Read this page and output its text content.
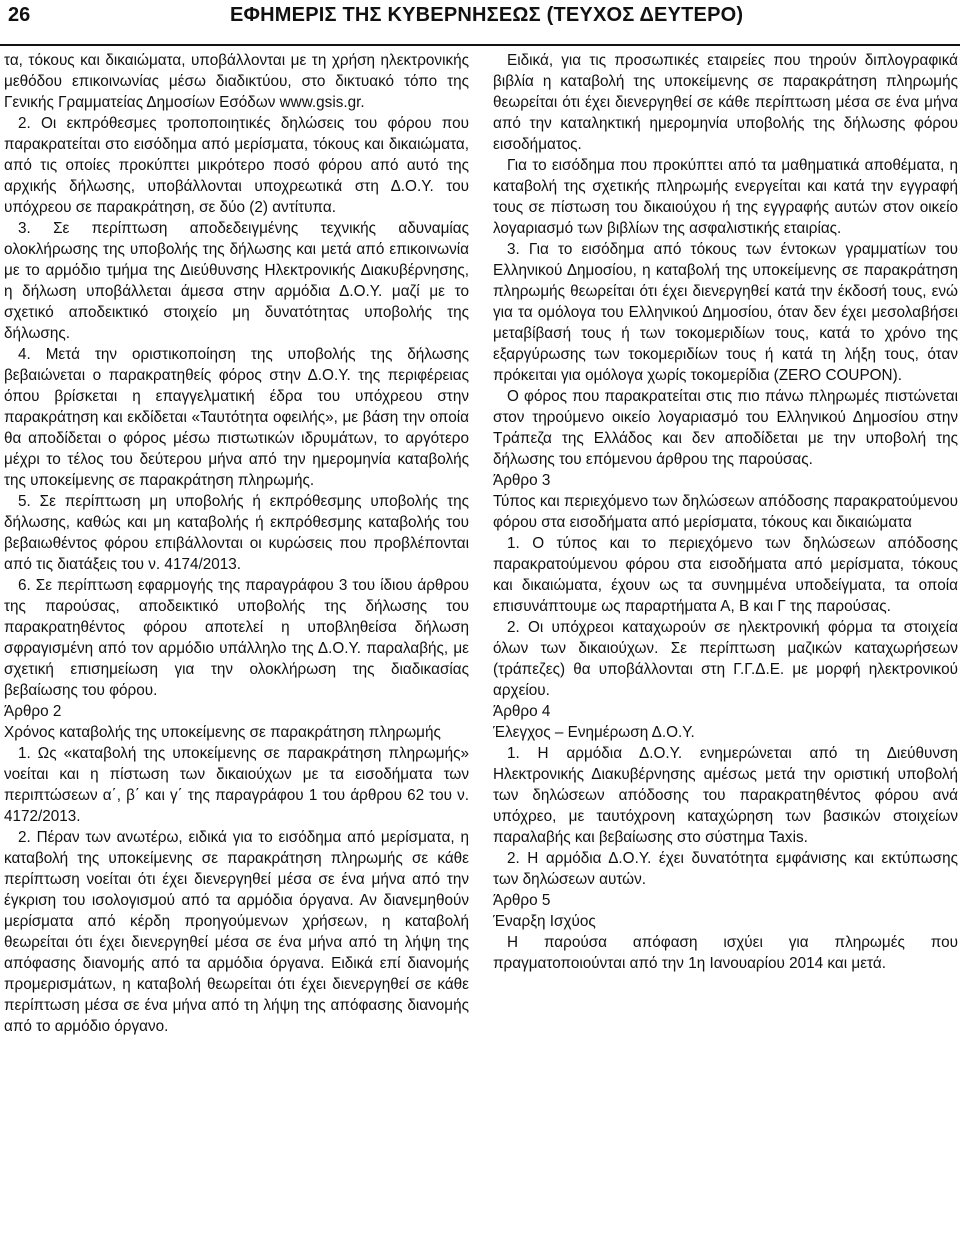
26	ΕΦΗΜΕΡΙΣ ΤΗΣ ΚΥΒΕΡΝΗΣΕΩΣ (ΤΕΥΧΟΣ ΔΕΥΤΕΡΟ)

τα, τόκους και δικαιώματα, υποβάλλονται με τη χρήση ηλεκτρονικής μεθόδου επικοινωνίας μέσω διαδικτύου, στο δικτυακό τόπο της Γενικής Γραμματείας Δημοσίων Εσόδων www.gsis.gr.

2. Οι εκπρόθεσμες τροποποιητικές δηλώσεις του φόρου που παρακρατείται στο εισόδημα από μερίσματα, τόκους και δικαιώματα, από τις οποίες προκύπτει μικρότερο ποσό φόρου από αυτό της αρχικής δήλωσης, υποβάλλονται υποχρεωτικά στη Δ.Ο.Υ. του υπόχρεου σε παρακράτηση, σε δύο (2) αντίτυπα.

3. Σε περίπτωση αποδεδειγμένης τεχνικής αδυναμίας ολοκλήρωσης της υποβολής της δήλωσης και μετά από επικοινωνία με το αρμόδιο τμήμα της Διεύθυνσης Ηλεκτρονικής Διακυβέρνησης, η δήλωση υποβάλλεται άμεσα στην αρμόδια Δ.Ο.Υ. μαζί με το σχετικό αποδεικτικό στοιχείο μη δυνατότητας υποβολής της δήλωσης.

4. Μετά την οριστικοποίηση της υποβολής της δήλωσης βεβαιώνεται ο παρακρατηθείς φόρος στην Δ.Ο.Υ. της περιφέρειας όπου βρίσκεται η επαγγελματική έδρα του υπόχρεου στην παρακράτηση και εκδίδεται «Ταυτότητα οφειλής», με βάση την οποία θα αποδίδεται ο φόρος μέσω πιστωτικών ιδρυμάτων, το αργότερο μέχρι το τέλος του δεύτερου μήνα από την ημερομηνία καταβολής της υποκείμενης σε παρακράτηση πληρωμής.

5. Σε περίπτωση μη υποβολής ή εκπρόθεσμης υποβολής της δήλωσης, καθώς και μη καταβολής ή εκπρόθεσμης καταβολής του βεβαιωθέντος φόρου επιβάλλονται οι κυρώσεις που προβλέπονται από τις διατάξεις του ν. 4174/2013.

6. Σε περίπτωση εφαρμογής της παραγράφου 3 του ίδιου άρθρου της παρούσας, αποδεικτικό υποβολής της δήλωσης του παρακρατηθέντος φόρου αποτελεί η υποβληθείσα δήλωση σφραγισμένη από τον αρμόδιο υπάλληλο της Δ.Ο.Υ. παραλαβής, με σχετική επισημείωση για την ολοκλήρωση της διαδικασίας βεβαίωσης του φόρου.

Άρθρο 2

Χρόνος καταβολής της υποκείμενης σε παρακράτηση πληρωμής

1. Ως «καταβολή της υποκείμενης σε παρακράτηση πληρωμής» νοείται και η πίστωση των δικαιούχων με τα εισοδήματα των περιπτώσεων α΄, β΄ και γ΄ της παραγράφου 1 του άρθρου 62 του ν. 4172/2013.

2. Πέραν των ανωτέρω, ειδικά για το εισόδημα από μερίσματα, η καταβολή της υποκείμενης σε παρακράτηση πληρωμής σε κάθε περίπτωση νοείται ότι έχει διενεργηθεί μέσα σε ένα μήνα από την έγκριση του ισολογισμού από τα αρμόδια όργανα. Αν διανεμηθούν μερίσματα από κέρδη προηγούμενων χρήσεων, η καταβολή θεωρείται ότι έχει διενεργηθεί μέσα σε ένα μήνα από τη λήψη της απόφασης διανομής από τα αρμόδια όργανα. Ειδικά επί διανομής προμερισμάτων, η καταβολή θεωρείται ότι έχει διενεργηθεί σε κάθε περίπτωση μέσα σε ένα μήνα από τη λήψη της απόφασης διανομής από το αρμόδιο όργανο.

Ειδικά, για τις προσωπικές εταιρείες που τηρούν διπλογραφικά βιβλία η καταβολή της υποκείμενης σε παρακράτηση πληρωμής θεωρείται ότι έχει διενεργηθεί σε κάθε περίπτωση μέσα σε ένα μήνα από την καταληκτική ημερομηνία υποβολής της δήλωσης φόρου εισοδήματος.

Για το εισόδημα που προκύπτει από τα μαθηματικά αποθέματα, η καταβολή της σχετικής πληρωμής ενεργείται και κατά την εγγραφή τους σε πίστωση του δικαιούχου ή της εγγραφής αυτών στον οικείο λογαριασμό των βιβλίων της ασφαλιστικής εταιρίας.

3. Για το εισόδημα από τόκους των έντοκων γραμματίων του Ελληνικού Δημοσίου, η καταβολή της υποκείμενης σε παρακράτηση πληρωμής θεωρείται ότι έχει διενεργηθεί κατά την έκδοσή τους, ενώ για τα ομόλογα του Ελληνικού Δημοσίου, όταν δεν έχει μεσολαβήσει μεταβίβασή τους ή των τοκομεριδίων τους, κατά το χρόνο της εξαργύρωσης των τοκομεριδίων τους ή κατά τη λήξη τους, όταν πρόκειται για ομόλογα χωρίς τοκομερίδια (ZERO COUPON).

Ο φόρος που παρακρατείται στις πιο πάνω πληρωμές πιστώνεται στον τηρούμενο οικείο λογαριασμό του Ελληνικού Δημοσίου στην Τράπεζα της Ελλάδος και δεν αποδίδεται με την υποβολή της δήλωσης του επόμενου άρθρου της παρούσας.

Άρθρο 3

Τύπος και περιεχόμενο των δηλώσεων απόδοσης παρακρατούμενου φόρου στα εισοδήματα από μερίσματα, τόκους και δικαιώματα

1. Ο τύπος και το περιεχόμενο των δηλώσεων απόδοσης παρακρατούμενου φόρου στα εισοδήματα από μερίσματα, τόκους και δικαιώματα, έχουν ως τα συνημμένα υποδείγματα, τα οποία επισυνάπτουμε ως παραρτήματα Α, Β και Γ της παρούσας.

2. Οι υπόχρεοι καταχωρούν σε ηλεκτρονική φόρμα τα στοιχεία όλων των δικαιούχων. Σε περίπτωση μαζικών καταχωρήσεων (τράπεζες) θα υποβάλλονται στη Γ.Γ.Δ.Ε. με μορφή ηλεκτρονικού αρχείου.

Άρθρο 4

Έλεγχος – Ενημέρωση Δ.Ο.Υ.

1. Η αρμόδια Δ.Ο.Υ. ενημερώνεται από τη Διεύθυνση Ηλεκτρονικής Διακυβέρνησης αμέσως μετά την οριστική υποβολή των δηλώσεων απόδοσης του παρακρατηθέντος φόρου ανά υπόχρεο, με ταυτόχρονη καταχώρηση των βασικών στοιχείων παραλαβής και βεβαίωσης στο σύστημα Taxis.

2. Η αρμόδια Δ.Ο.Υ. έχει δυνατότητα εμφάνισης και εκτύπωσης των δηλώσεων αυτών.

Άρθρο 5

Έναρξη Ισχύος

Η παρούσα απόφαση ισχύει για πληρωμές που πραγματοποιούνται από την 1η Ιανουαρίου 2014 και μετά.
